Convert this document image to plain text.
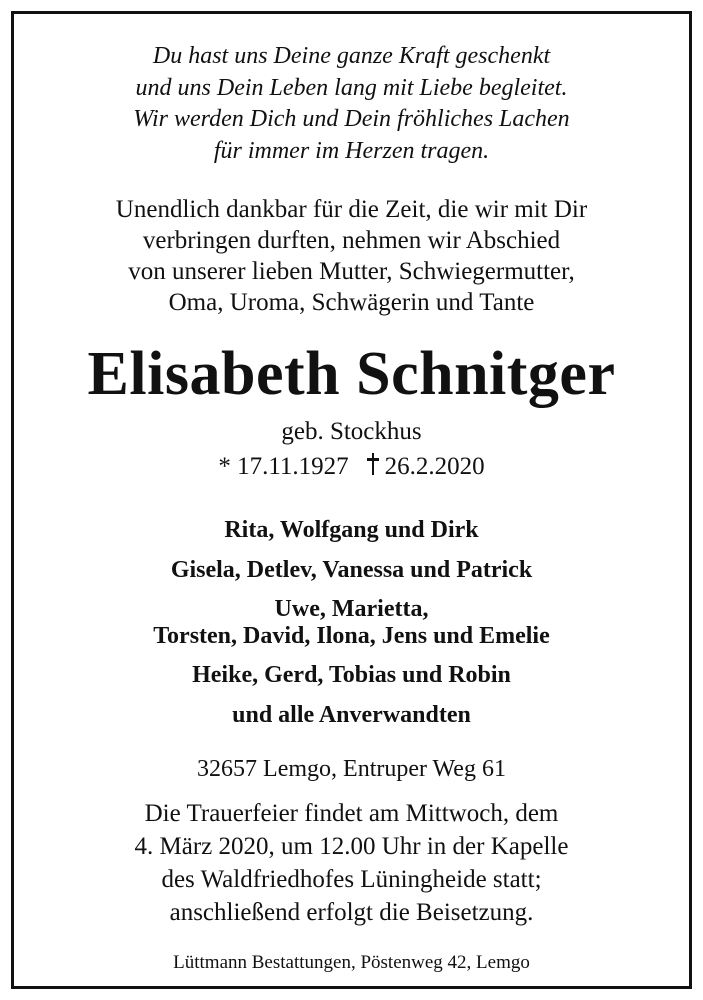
Du hast uns Deine ganze Kraft geschenkt
und uns Dein Leben lang mit Liebe begleitet.
Wir werden Dich und Dein fröhliches Lachen
für immer im Herzen tragen.
Unendlich dankbar für die Zeit, die wir mit Dir
verbringen durften, nehmen wir Abschied
von unserer lieben Mutter, Schwiegermutter,
Oma, Uroma, Schwägerin und Tante
Elisabeth Schnitger
geb. Stockhus
* 17.11.1927 26.2.2020
Rita, Wolfgang und Dirk
Gisela, Detlev, Vanessa und Patrick
Uwe, Marietta,
Torsten, David, Ilona, Jens und Emelie
Heike, Gerd, Tobias und Robin
und alle Anverwandten
32657 Lemgo, Entruper Weg 61
Die Trauerfeier findet am Mittwoch, dem
4. März 2020, um 12.00 Uhr in der Kapelle
des Waldfriedhofes Lüningheide statt;
anschließend erfolgt die Beisetzung.
Lüttmann Bestattungen, Pöstenweg 42, Lemgo
